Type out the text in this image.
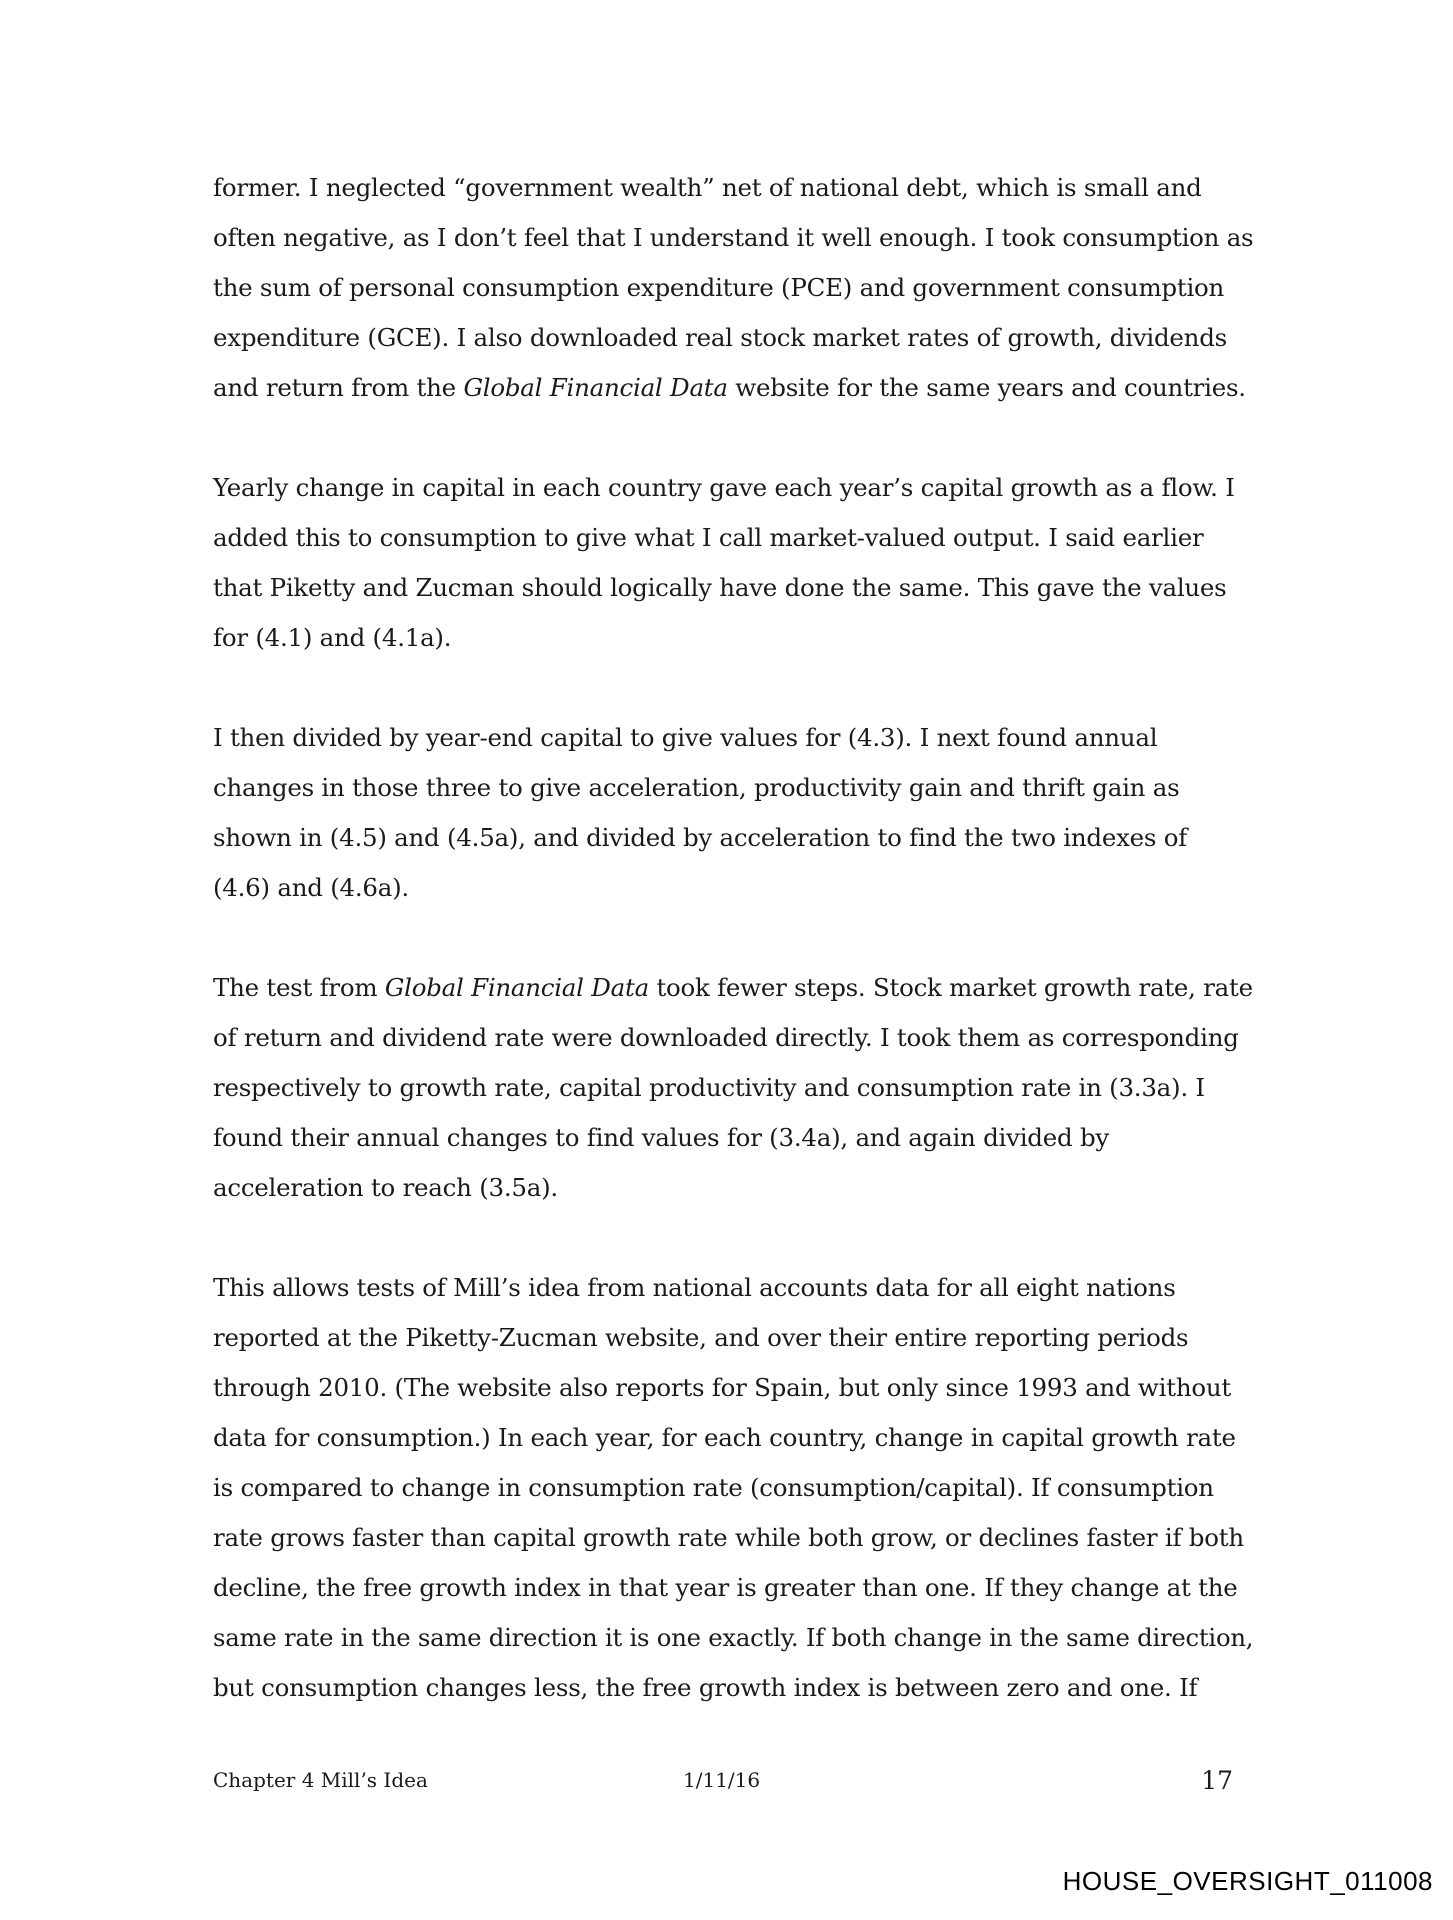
former. I neglected “government wealth” net of national debt, which is small and
often negative, as I don’t feel that I understand it well enough. I took consumption as
the sum of personal consumption expenditure (PCE) and government consumption
expenditure (GCE). I also downloaded real stock market rates of growth, dividends
and return from the Global Financial Data website for the same years and countries.
Yearly change in capital in each country gave each year’s capital growth as a flow. I
added this to consumption to give what I call market-valued output. I said earlier
that Piketty and Zucman should logically have done the same. This gave the values
for (4.1) and (4.1a).
I then divided by year-end capital to give values for (4.3). I next found annual
changes in those three to give acceleration, productivity gain and thrift gain as
shown in (4.5) and (4.5a), and divided by acceleration to find the two indexes of
(4.6) and (4.6a).
The test from Global Financial Data took fewer steps. Stock market growth rate, rate
of return and dividend rate were downloaded directly. I took them as corresponding
respectively to growth rate, capital productivity and consumption rate in (3.3a). I
found their annual changes to find values for (3.4a), and again divided by
acceleration to reach (3.5a).
This allows tests of Mill’s idea from national accounts data for all eight nations
reported at the Piketty-Zucman website, and over their entire reporting periods
through 2010. (The website also reports for Spain, but only since 1993 and without
data for consumption.) In each year, for each country, change in capital growth rate
is compared to change in consumption rate (consumption/capital). If consumption
rate grows faster than capital growth rate while both grow, or declines faster if both
decline, the free growth index in that year is greater than one. If they change at the
same rate in the same direction it is one exactly. If both change in the same direction,
but consumption changes less, the free growth index is between zero and one. If
Chapter 4 Mill’s Idea	1/11/16	17
HOUSE_OVERSIGHT_011008
